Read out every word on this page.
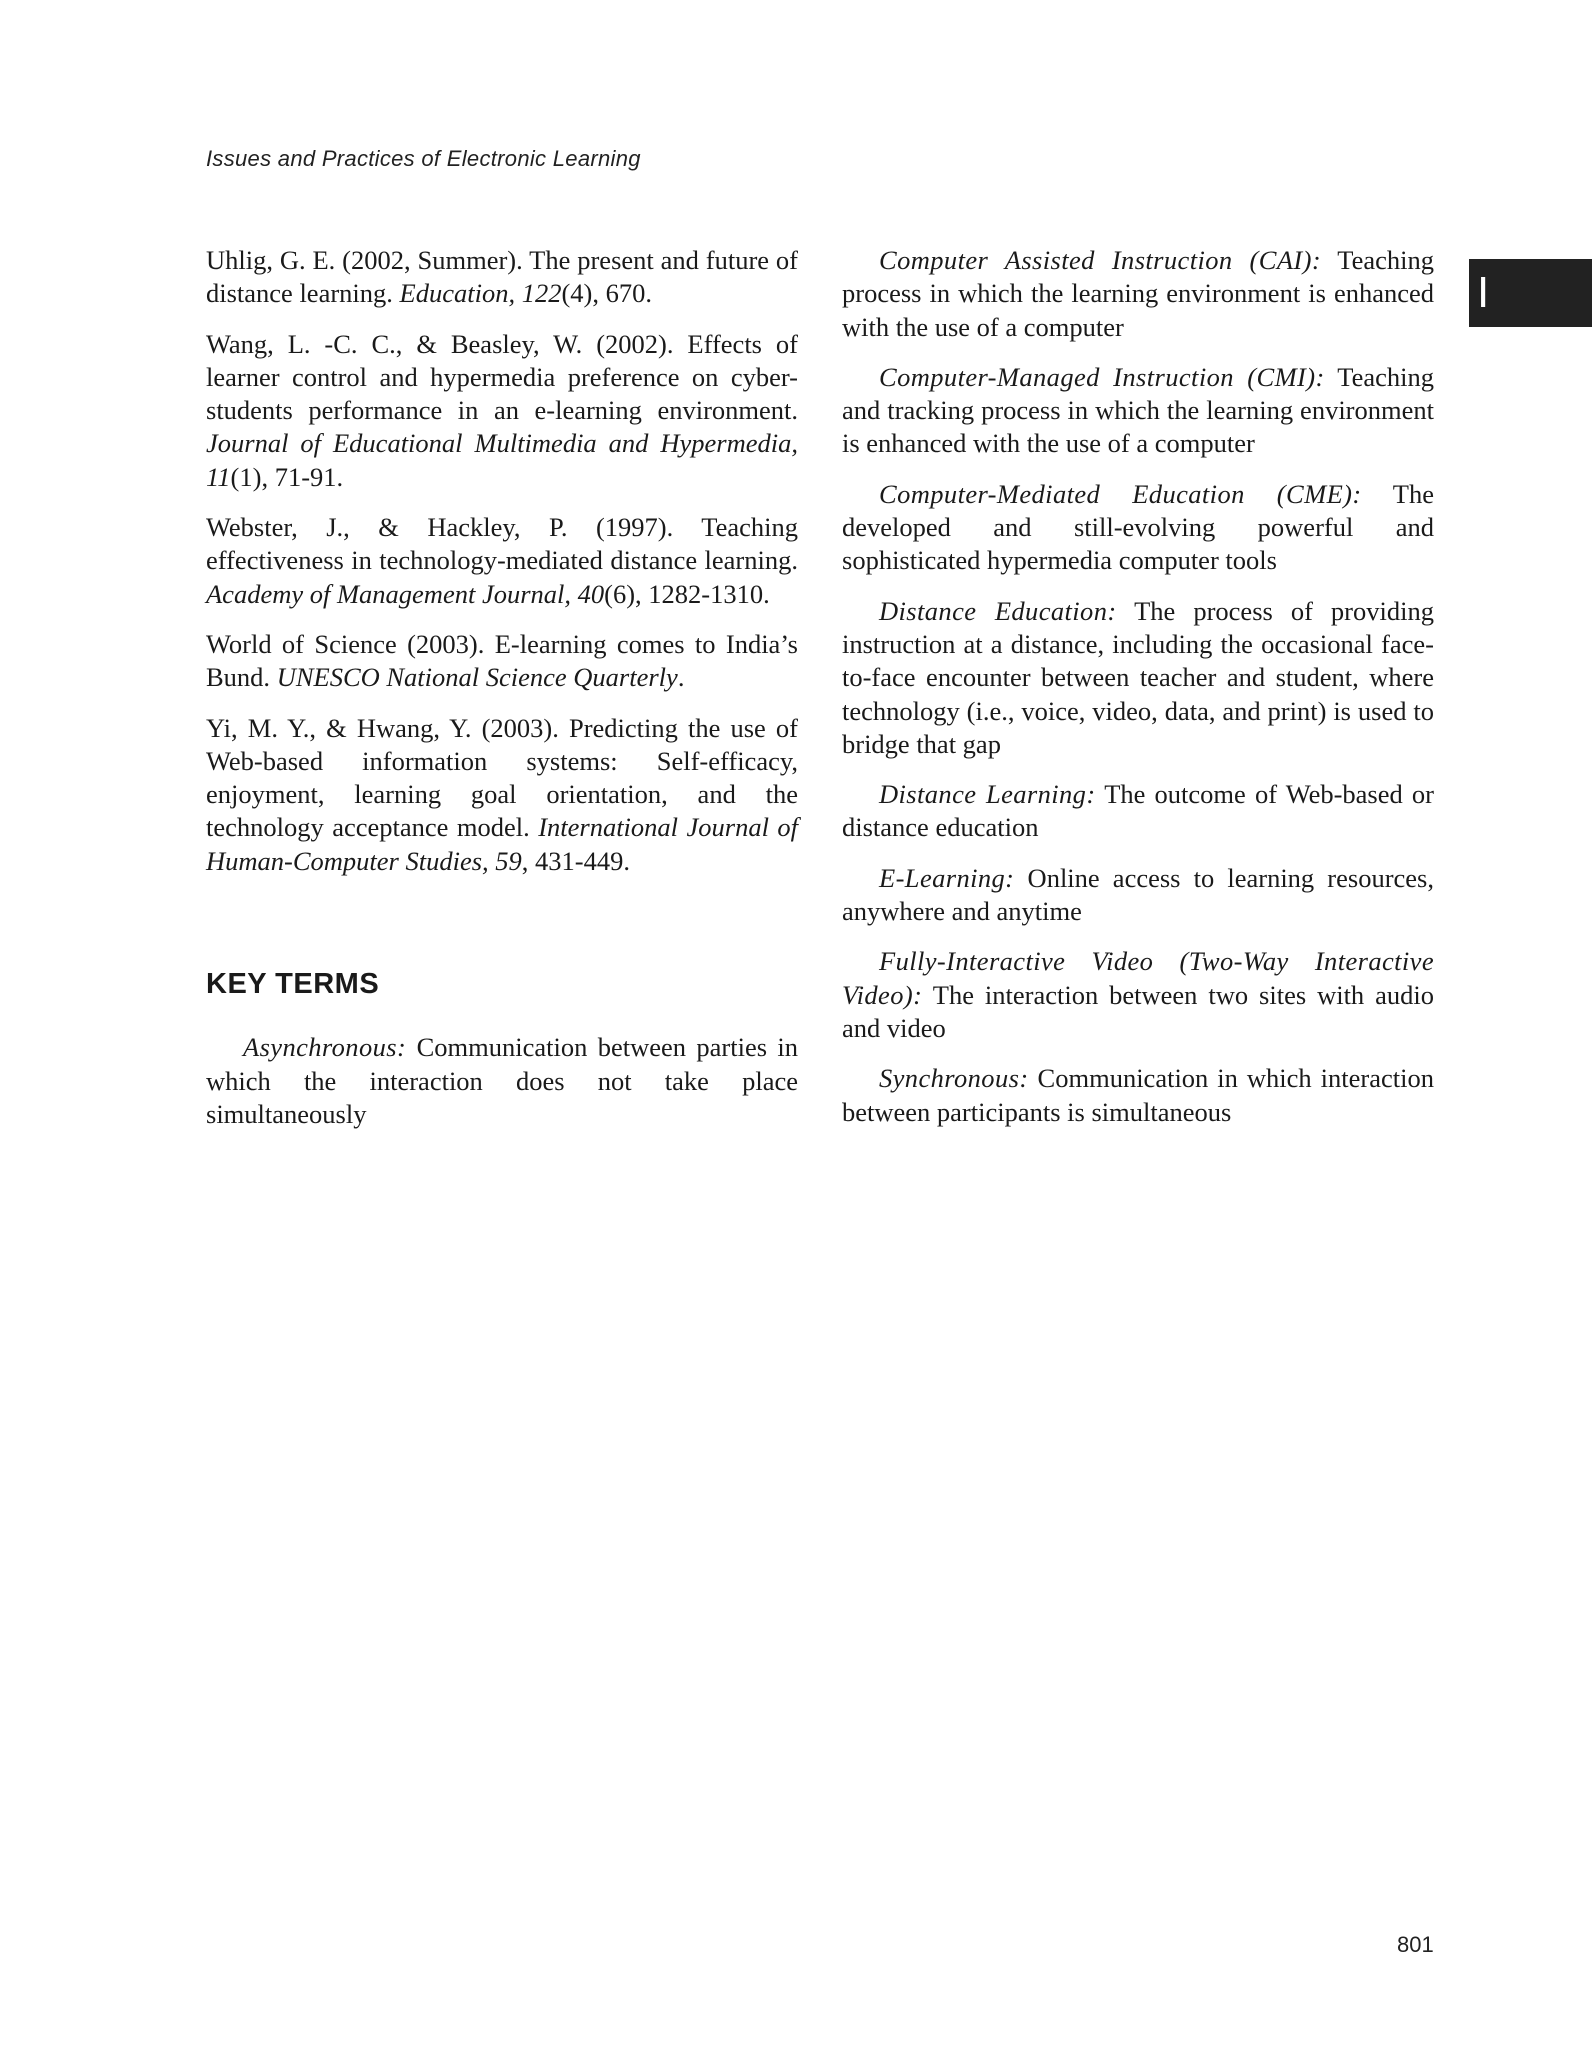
Issues and Practices of Electronic Learning
I

Uhlig, G. E. (2002, Summer). The present and future of distance learning. Education, 122(4), 670.

Wang, L. -C. C., & Beasley, W. (2002). Effects of learner control and hypermedia preference on cyber-students performance in an e-learning environment. Journal of Educational Multimedia and Hypermedia, 11(1), 71-91.

Webster, J., & Hackley, P. (1997). Teaching effectiveness in technology-mediated distance learning. Academy of Management Journal, 40(6), 1282-1310.

World of Science (2003). E-learning comes to India’s Bund. UNESCO National Science Quarterly.

Yi, M. Y., & Hwang, Y. (2003). Predicting the use of Web-based information systems: Self-efficacy, enjoyment, learning goal orientation, and the technology acceptance model. International Journal of Human-Computer Studies, 59, 431-449.

KEY TERMS

Asynchronous: Communication between parties in which the interaction does not take place simultaneously

Computer Assisted Instruction (CAI): Teaching process in which the learning environment is enhanced with the use of a computer

Computer-Managed Instruction (CMI): Teaching and tracking process in which the learning environment is enhanced with the use of a computer

Computer-Mediated Education (CME): The developed and still-evolving powerful and sophisticated hypermedia computer tools

Distance Education: The process of providing instruction at a distance, including the occasional face-to-face encounter between teacher and student, where technology (i.e., voice, video, data, and print) is used to bridge that gap

Distance Learning: The outcome of Web-based or distance education

E-Learning: Online access to learning resources, anywhere and anytime

Fully-Interactive Video (Two-Way Interactive Video): The interaction between two sites with audio and video

Synchronous: Communication in which interaction between participants is simultaneous

801
